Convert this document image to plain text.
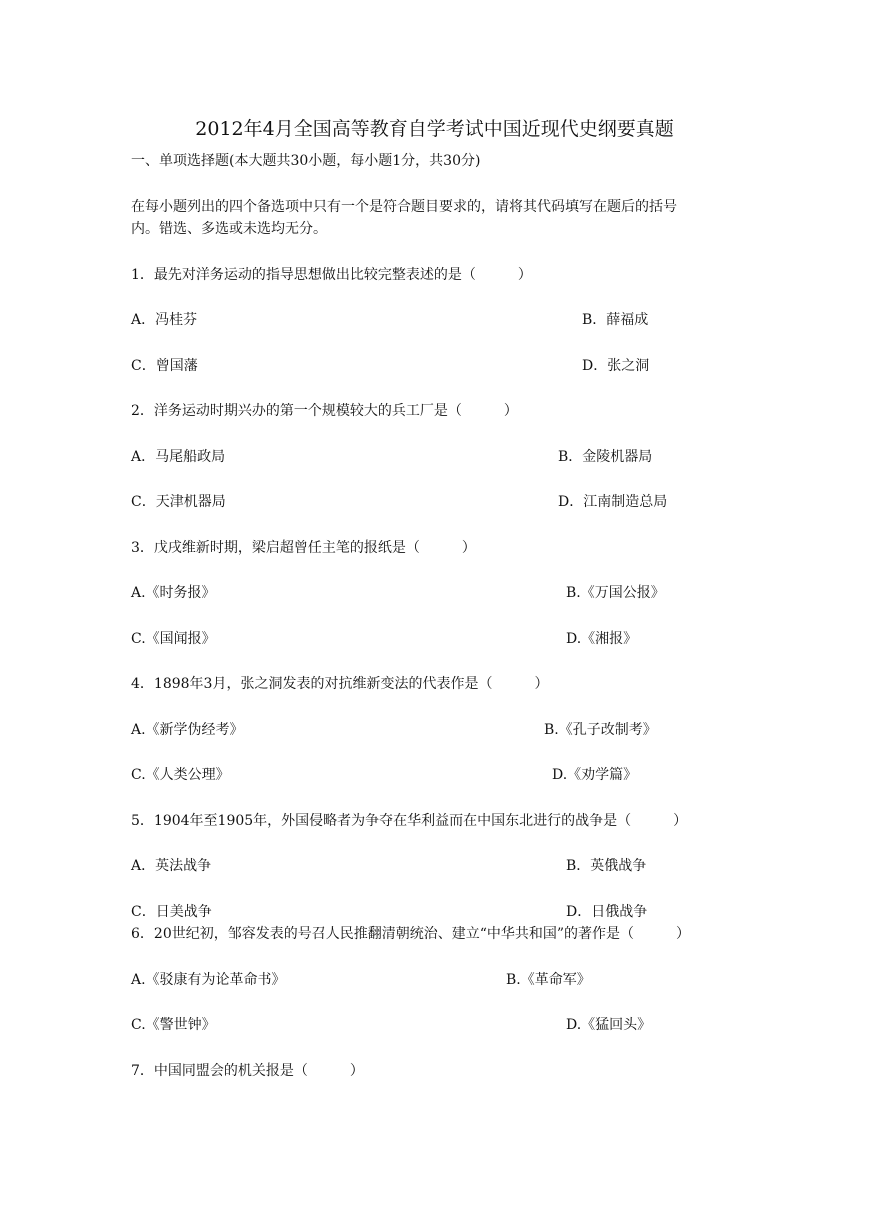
2012年4月全国高等教育自学考试中国近现代史纲要真题
一、单项选择题(本大题共30小题，每小题1分，共30分)
在每小题列出的四个备选项中只有一个是符合题目要求的，请将其代码填写在题后的括号
内。错选、多选或未选均无分。
1．最先对洋务运动的指导思想做出比较完整表述的是（　　　）
A．冯桂芬	B．薛福成
C．曾国藩	D．张之洞
2．洋务运动时期兴办的第一个规模较大的兵工厂是（　　　）
A．马尾船政局	B．金陵机器局
C．天津机器局	D．江南制造总局
3．戊戌维新时期，梁启超曾任主笔的报纸是（　　　）
A.《时务报》	B.《万国公报》
C.《国闻报》	D.《湘报》
4．1898年3月，张之洞发表的对抗维新变法的代表作是（　　　）
A.《新学伪经考》	B.《孔子改制考》
C.《人类公理》	D.《劝学篇》
5．1904年至1905年，外国侵略者为争夺在华利益而在中国东北进行的战争是（　　　）
A．英法战争	B．英俄战争
C．日美战争	D．日俄战争
6．20世纪初，邹容发表的号召人民推翻清朝统治、建立“中华共和国”的著作是（　　　）
A.《驳康有为论革命书》	B.《革命军》
C.《警世钟》	D.《猛回头》
7．中国同盟会的机关报是（　　　）
